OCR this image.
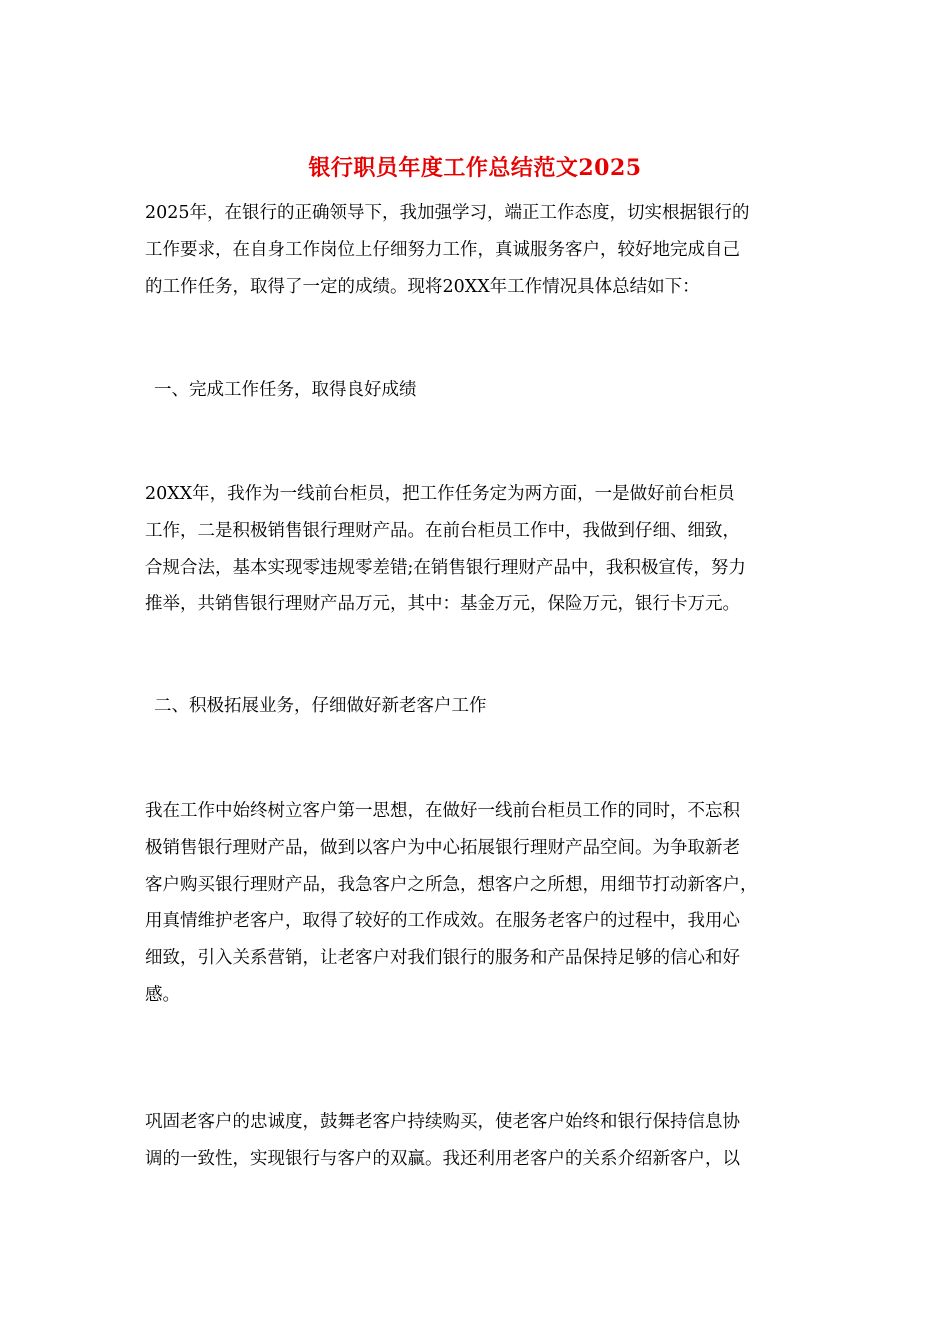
银行职员年度工作总结范文2025

2025年，在银行的正确领导下，我加强学习，端正工作态度，切实根据银行的
工作要求，在自身工作岗位上仔细努力工作，真诚服务客户，较好地完成自己
的工作任务，取得了一定的成绩。现将20XX年工作情况具体总结如下：

一、完成工作任务，取得良好成绩

20XX年，我作为一线前台柜员，把工作任务定为两方面，一是做好前台柜员
工作，二是积极销售银行理财产品。在前台柜员工作中，我做到仔细、细致，
合规合法，基本实现零违规零差错;在销售银行理财产品中，我积极宣传，努力
推举，共销售银行理财产品万元，其中：基金万元，保险万元，银行卡万元。

二、积极拓展业务，仔细做好新老客户工作

我在工作中始终树立客户第一思想，在做好一线前台柜员工作的同时，不忘积
极销售银行理财产品，做到以客户为中心拓展银行理财产品空间。为争取新老
客户购买银行理财产品，我急客户之所急，想客户之所想，用细节打动新客户，
用真情维护老客户，取得了较好的工作成效。在服务老客户的过程中，我用心
细致，引入关系营销，让老客户对我们银行的服务和产品保持足够的信心和好
感。

巩固老客户的忠诚度，鼓舞老客户持续购买，使老客户始终和银行保持信息协
调的一致性，实现银行与客户的双赢。我还利用老客户的关系介绍新客户，以
